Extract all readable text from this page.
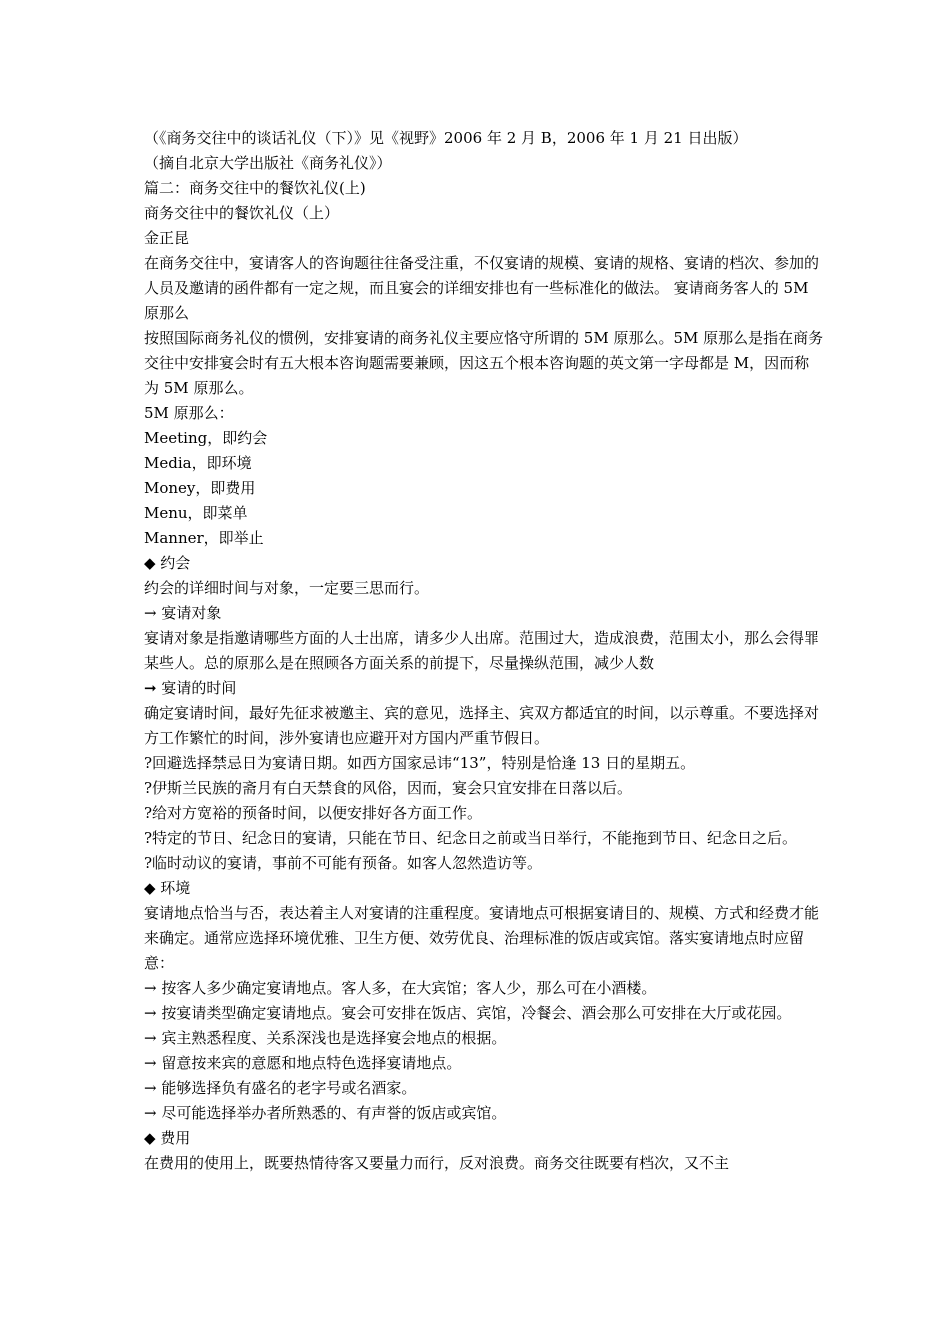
（《商务交往中的谈话礼仪（下）》见《视野》2006 年 2 月 B，2006 年 1 月 21 日出版）

（摘自北京大学出版社《商务礼仪》）

篇二：商务交往中的餐饮礼仪(上)

商务交往中的餐饮礼仪（上）

金正昆

在商务交往中，宴请客人的咨询题往往备受注重，不仅宴请的规模、宴请的规格、宴请的档次、参加的人员及邀请的函件都有一定之规，而且宴会的详细安排也有一些标准化的做法。 宴请商务客人的 5M 原那么

按照国际商务礼仪的惯例，安排宴请的商务礼仪主要应恪守所谓的 5M 原那么。5M 原那么是指在商务交往中安排宴会时有五大根本咨询题需要兼顾，因这五个根本咨询题的英文第一字母都是 M，因而称为 5M 原那么。

5M 原那么：

Meeting，即约会

Media，即环境

Money，即费用

Menu，即菜单

Manner，即举止

◆ 约会

约会的详细时间与对象，一定要三思而行。

→ 宴请对象

宴请对象是指邀请哪些方面的人士出席，请多少人出席。范围过大，造成浪费，范围太小，那么会得罪某些人。总的原那么是在照顾各方面关系的前提下，尽量操纵范围，减少人数

➞ 宴请的时间

确定宴请时间，最好先征求被邀主、宾的意见，选择主、宾双方都适宜的时间，以示尊重。不要选择对方工作繁忙的时间，涉外宴请也应避开对方国内严重节假日。

?回避选择禁忌日为宴请日期。如西方国家忌讳“13”，特别是恰逢 13 日的星期五。

?伊斯兰民族的斋月有白天禁食的风俗，因而，宴会只宜安排在日落以后。

?给对方宽裕的预备时间，以便安排好各方面工作。

?特定的节日、纪念日的宴请，只能在节日、纪念日之前或当日举行，不能拖到节日、纪念日之后。

?临时动议的宴请，事前不可能有预备。如客人忽然造访等。

◆ 环境

宴请地点恰当与否，表达着主人对宴请的注重程度。宴请地点可根据宴请目的、规模、方式和经费才能来确定。通常应选择环境优雅、卫生方便、效劳优良、治理标准的饭店或宾馆。落实宴请地点时应留意：

→ 按客人多少确定宴请地点。客人多，在大宾馆；客人少，那么可在小酒楼。

→ 按宴请类型确定宴请地点。宴会可安排在饭店、宾馆，冷餐会、酒会那么可安排在大厅或花园。

→ 宾主熟悉程度、关系深浅也是选择宴会地点的根据。

→ 留意按来宾的意愿和地点特色选择宴请地点。

→ 能够选择负有盛名的老字号或名酒家。

→ 尽可能选择举办者所熟悉的、有声誉的饭店或宾馆。

◆ 费用

在费用的使用上，既要热情待客又要量力而行，反对浪费。商务交往既要有档次，又不主
